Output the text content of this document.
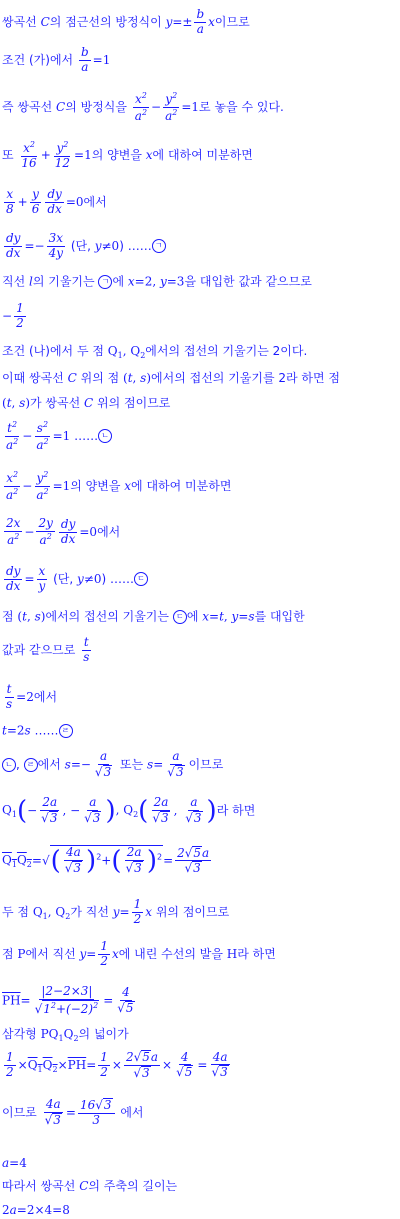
쌍곡선 C의 점근선의 방정식이 $y=\pm \frac{b}{a}$ x이므로
조건 (가)에서 $\frac{b}{a} =1$
즉 쌍곡선 C의 방정식을 $\frac{x^2}{a^2} - \frac{y^2}{a^2} =1$로 놓을 수 있다.
또 $\frac{x^2}{16} + \frac{y^2}{12} =1$의 양변을 x에 대하여 미분하면
$\frac{x}{8} + \frac{y}{6} \frac{dy}{dx} =0$에서
$\frac{dy}{dx} =- \frac{3x}{4y}$ (단, y≠0) …… ㄱ
직선 l의 기울기는 ㄱ 에 x=2, y=3을 대입한 값과 같으므로
− $\frac{1}{2}$
조건 (나)에서 두 점 $Q_1$, $Q_2$에서의 접선의 기울기는 2이다.
이때 쌍곡선 C 위의 점 (t, s)에서의 접선의 기울기를 2라 하면 점
(t, s)가 쌍곡선 C 위의 점이므로
$\frac{t^2}{a^2} - \frac{s^2}{a^2} =1$ …… ㄴ
$\frac{x^2}{a^2} - \frac{y^2}{a^2} =1$의 양변을 x에 대하여 미분하면
$\frac{2x}{a^2} - \frac{2y}{a^2} \frac{dy}{dx} =0$에서
$\frac{dy}{dx} = \frac{x}{y}$ (단, y≠0) …… ㄷ
점 (t, s)에서의 접선의 기울기는 ㄷ 에 x=t, y=s를 대입한
값과 같으므로 $\frac{t}{s}$
$\frac{t}{s} =2$에서
t=2s …… ㄹ
ㄴ , ㄹ 에서 $s=- \frac{a}{√3}$ 또는 $s= \frac{a}{√3}$ 이므로
$Q_1(- \frac{2a}{√3}$ , − $\frac{a}{√3}$ ), $Q_2( \frac{2a}{√3}$ , $\frac{a}{√3}$ )라 하면
$Q_1Q_2=√( \frac{4a}{√3} )^2+( \frac{2a}{√3} )^2= \frac{2√5a}{√3}$
두 점 $Q_1$, $Q_2$가 직선 $y= \frac{1}{2}$ x 위의 점이므로
점 P에서 직선 $y= \frac{1}{2}$ x에 내린 수선의 발을 H라 하면
$\overline{PH}= \frac{|2-2\times 3|}{√1^2+(-2)^2} = \frac{4}{√5}$
삼각형 $PQ_1Q_2$의 넓이가
$\frac{1}{2} \times Q_1Q_2\times\overline{PH}= \frac{1}{2} \times \frac{2√5a}{√3} \times \frac{4}{√5} = \frac{4a}{√3}$
이므로 $\frac{4a}{√3} = \frac{16√3}{3}$ 에서
a=4
따라서 쌍곡선 C의 주축의 길이는
2a=2×4=8
